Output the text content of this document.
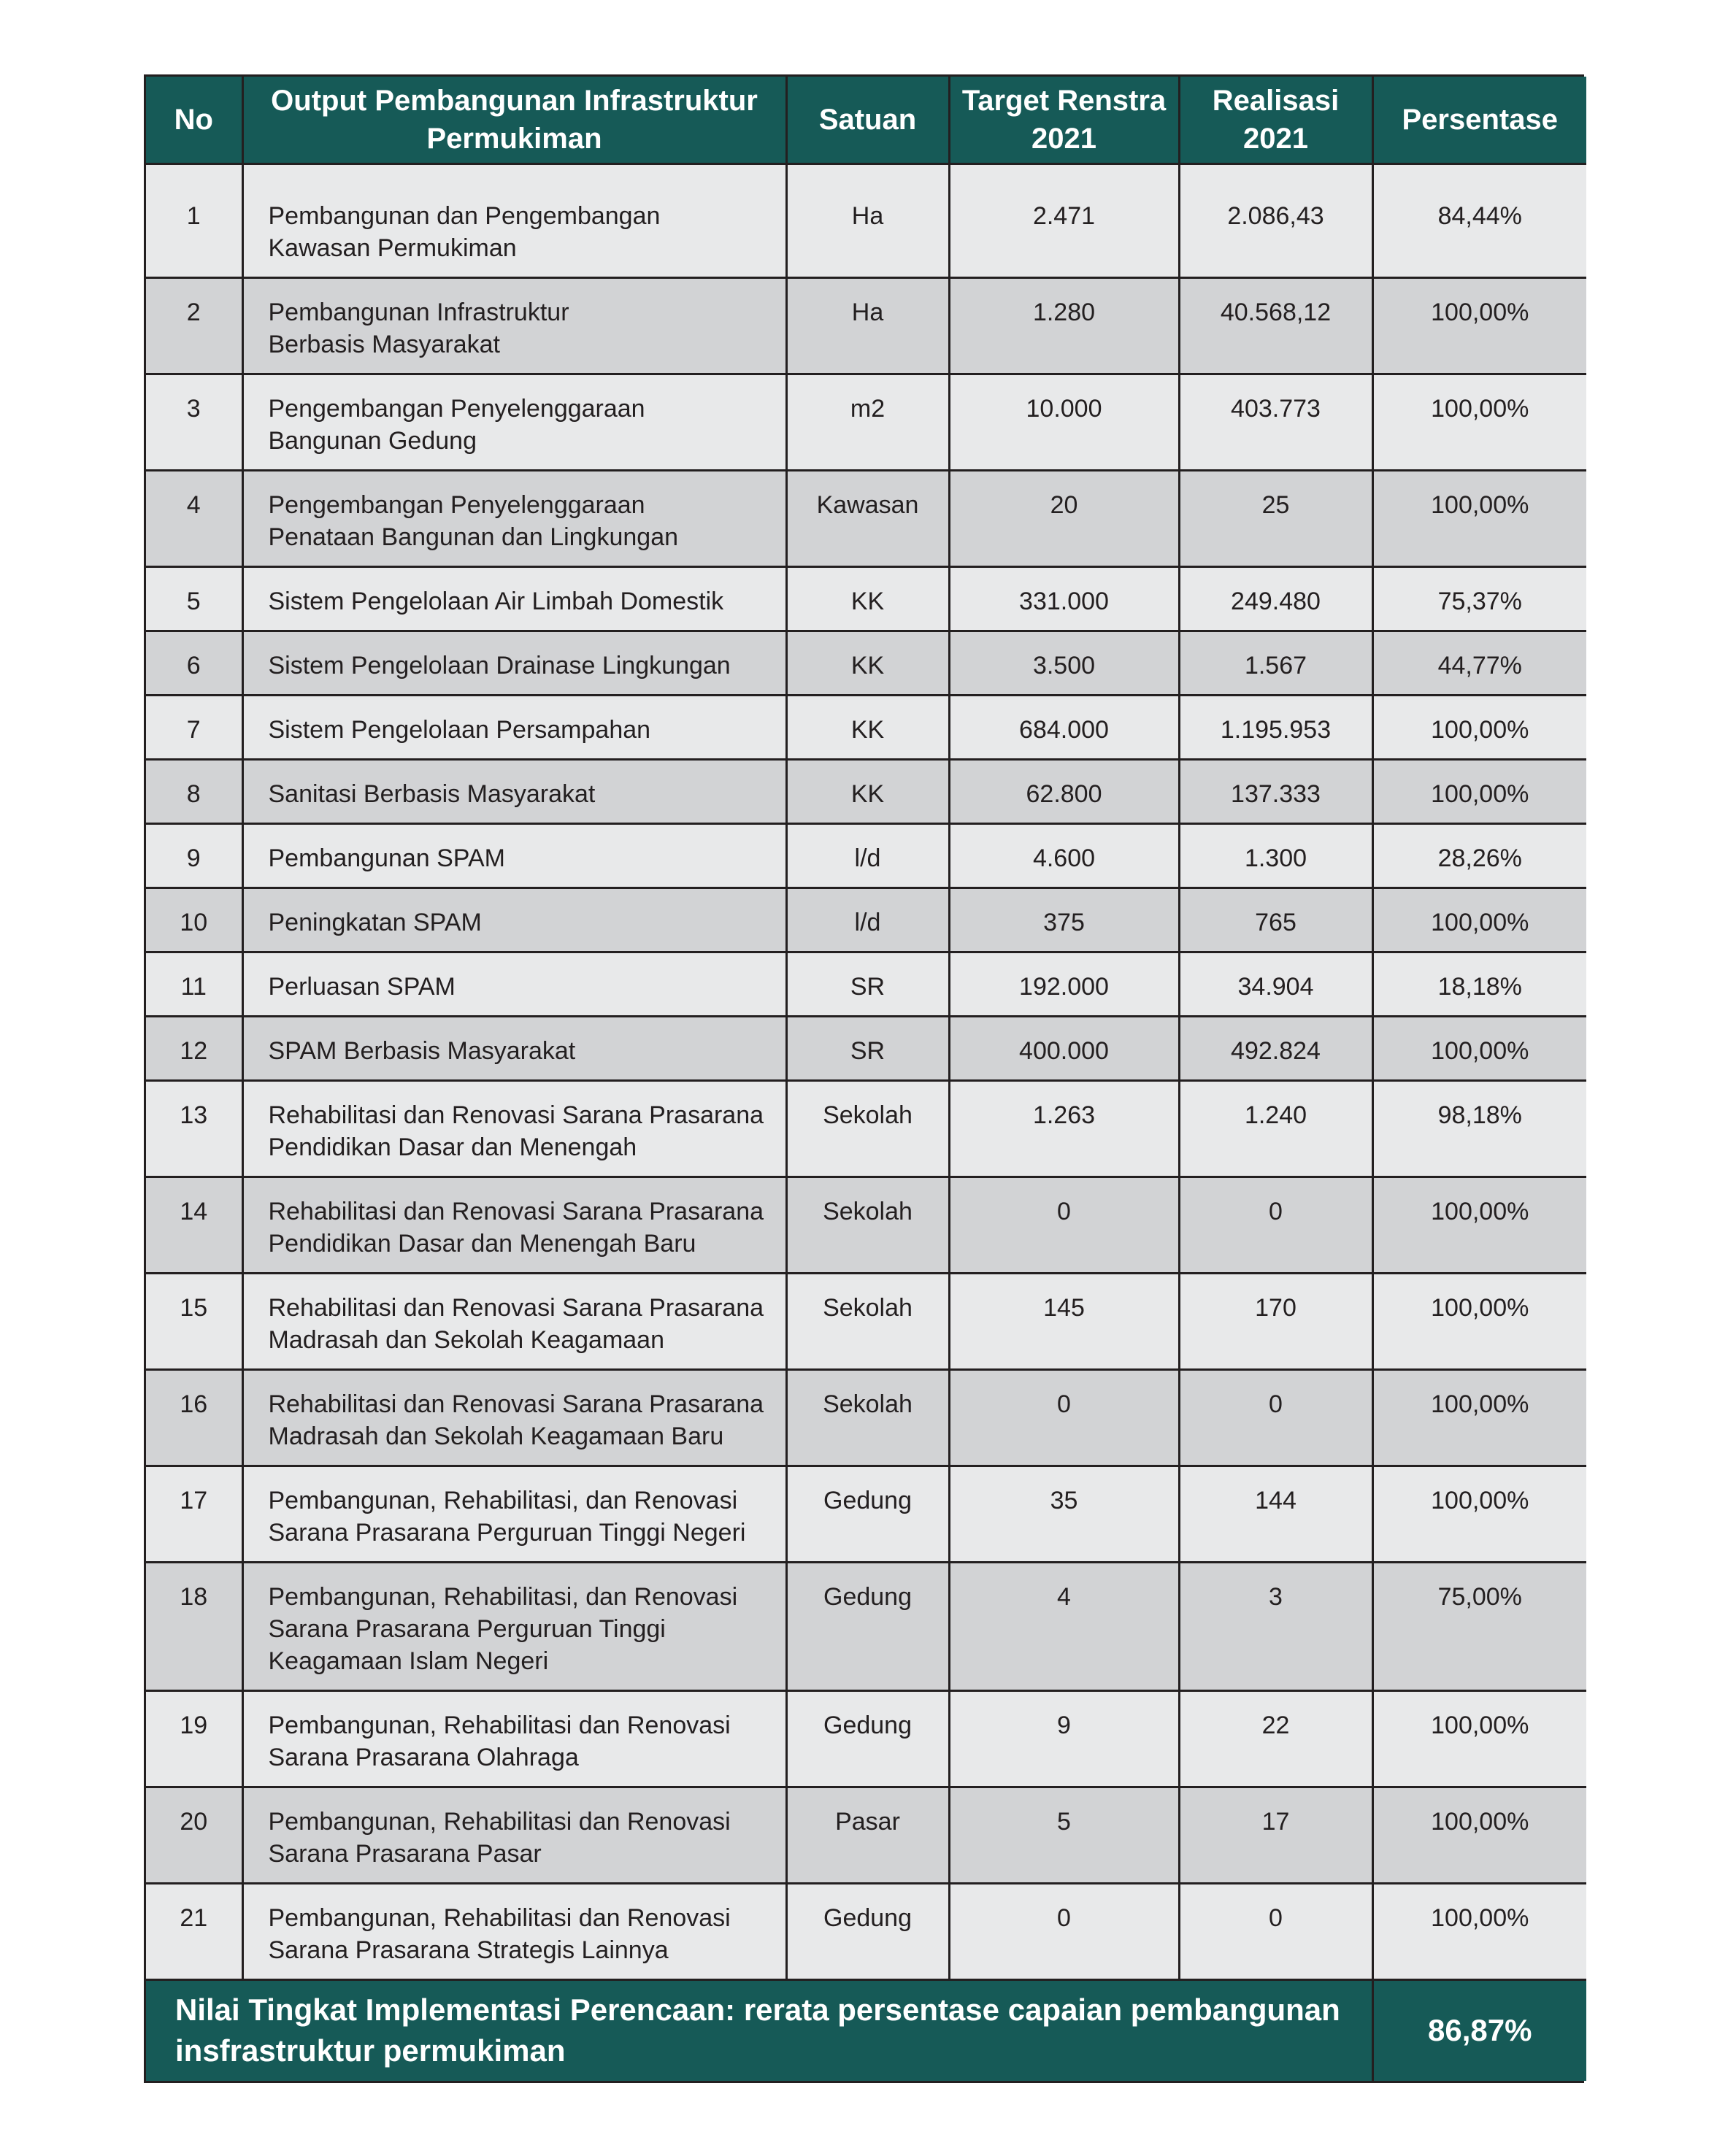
No	Output Pembangunan Infrastruktur Permukiman	Satuan	Target Renstra 2021	Realisasi 2021	Persentase
1	Pembangunan dan Pengembangan
Kawasan Permukiman	Ha	2.471	2.086,43	84,44%
2	Pembangunan Infrastruktur
Berbasis Masyarakat	Ha	1.280	40.568,12	100,00%
3	Pengembangan Penyelenggaraan
Bangunan Gedung	m2	10.000	403.773	100,00%
4	Pengembangan Penyelenggaraan
Penataan Bangunan dan Lingkungan	Kawasan	20	25	100,00%
5	Sistem Pengelolaan Air Limbah Domestik	KK	331.000	249.480	75,37%
6	Sistem Pengelolaan Drainase Lingkungan	KK	3.500	1.567	44,77%
7	Sistem Pengelolaan Persampahan	KK	684.000	1.195.953	100,00%
8	Sanitasi Berbasis Masyarakat	KK	62.800	137.333	100,00%
9	Pembangunan SPAM	l/d	4.600	1.300	28,26%
10	Peningkatan SPAM	l/d	375	765	100,00%
11	Perluasan SPAM	SR	192.000	34.904	18,18%
12	SPAM Berbasis Masyarakat	SR	400.000	492.824	100,00%
13	Rehabilitasi dan Renovasi Sarana Prasarana
Pendidikan Dasar dan Menengah	Sekolah	1.263	1.240	98,18%
14	Rehabilitasi dan Renovasi Sarana Prasarana
Pendidikan Dasar dan Menengah Baru	Sekolah	0	0	100,00%
15	Rehabilitasi dan Renovasi Sarana Prasarana
Madrasah dan Sekolah Keagamaan	Sekolah	145	170	100,00%
16	Rehabilitasi dan Renovasi Sarana Prasarana
Madrasah dan Sekolah Keagamaan Baru	Sekolah	0	0	100,00%
17	Pembangunan, Rehabilitasi, dan Renovasi
Sarana Prasarana Perguruan Tinggi Negeri	Gedung	35	144	100,00%
18	Pembangunan, Rehabilitasi, dan Renovasi
Sarana Prasarana Perguruan Tinggi
Keagamaan Islam Negeri	Gedung	4	3	75,00%
19	Pembangunan, Rehabilitasi dan Renovasi
Sarana Prasarana Olahraga	Gedung	9	22	100,00%
20	Pembangunan, Rehabilitasi dan Renovasi
Sarana Prasarana Pasar	Pasar	5	17	100,00%
21	Pembangunan, Rehabilitasi dan Renovasi
Sarana Prasarana Strategis Lainnya	Gedung	0	0	100,00%

Nilai Tingkat Implementasi Perencaan: rerata persentase capaian pembangunan
insfrastruktur permukiman					86,87%
